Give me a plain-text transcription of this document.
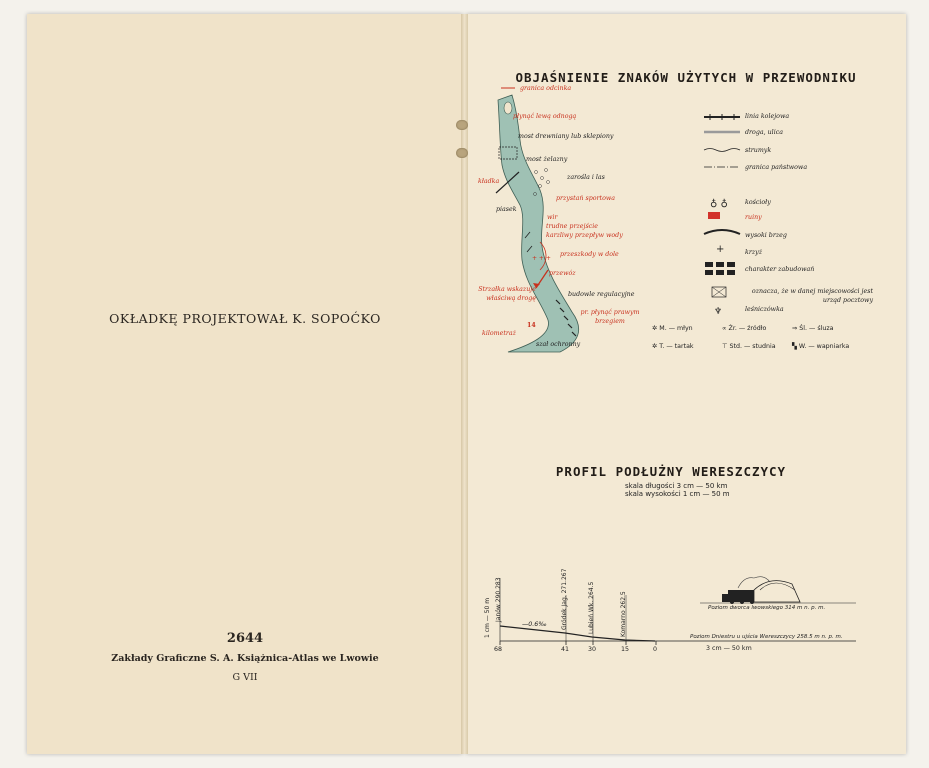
OKŁADKĘ PROJEKTOWAŁ K. SOPOĆKO
2644
Zakłady Graficzne S. A. Książnica-Atlas we Lwowie
G VII
OBJAŚNIENIE ZNAKÓW UŻYTYCH W PRZEWODNIKU
+ + +
granica odcinka
płynąć lewą odnogą
most drewniany lub sklepiony
most żelazny
kładka
zarośla i las
przystań sportowa
piasek
wir
trudne przejście
karzliwy przepływ wody
przeszkody w dole
przewóz
Strzałka wskazuje właściwą drogę
budowle regulacyjne
pr. płynąć prawym brzegiem
kilometraż
14
szał ochronny
♁ ♁
+
♆
linia kolejowa
droga, ulica
strumyk
granica państwowa
kościoły
ruiny
wysoki brzeg
krzyż
charakter zabudowań
oznacza, że w danej miejscowości jest urząd pocztowy
leśniczówka
✲ M. — młyn	∝ Źr. — źródło	⇒ Śl. — śluza
✲ T. — tartak	⊤ Std. — studnia	▚ W. — wapniarka
PROFIL PODŁUŻNY WERESZCZYCY
skala długości 3 cm — 50 km
skala wysokości 1 cm — 50 m
1 cm — 50 m Janów 290.283	Gródek Jag. 271.267	Lubień Wk. 264.5	Komarno 262.5
—0.6‰
68	41	30	15	0	3 cm — 50 km
Poziom dworca lwowskiego 314 m n. p. m.
Poziom Dniestru u ujścia Wereszczycy 258.5 m n. p. m.
